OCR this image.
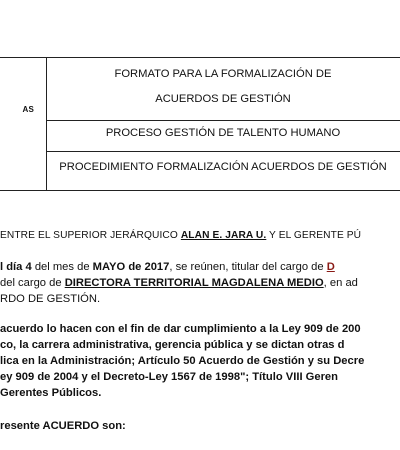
AS
FORMATO PARA LA FORMALIZACIÓN DE
ACUERDOS DE GESTIÓN
PROCESO GESTIÓN DE TALENTO HUMANO
PROCEDIMIENTO FORMALIZACIÓN ACUERDOS DE GESTIÓN
ENTRE EL SUPERIOR JERÁRQUICO ALAN E. JARA U. Y EL GERENTE PÚ
l día 4 del mes de MAYO de 2017, se reúnen, titular del cargo de D
del cargo de DIRECTORA TERRITORIAL MAGDALENA MEDIO, en ad
RDO DE GESTIÓN.
acuerdo lo hacen con el fin de dar cumplimiento a la Ley 909 de 200
co, la carrera administrativa, gerencia pública y se dictan otras d
lica en la Administración; Artículo 50 Acuerdo de Gestión y su Decre
ey 909 de 2004 y el Decreto-Ley 1567 de 1998"; Título VIII Geren
Gerentes Públicos.
resente ACUERDO son:
